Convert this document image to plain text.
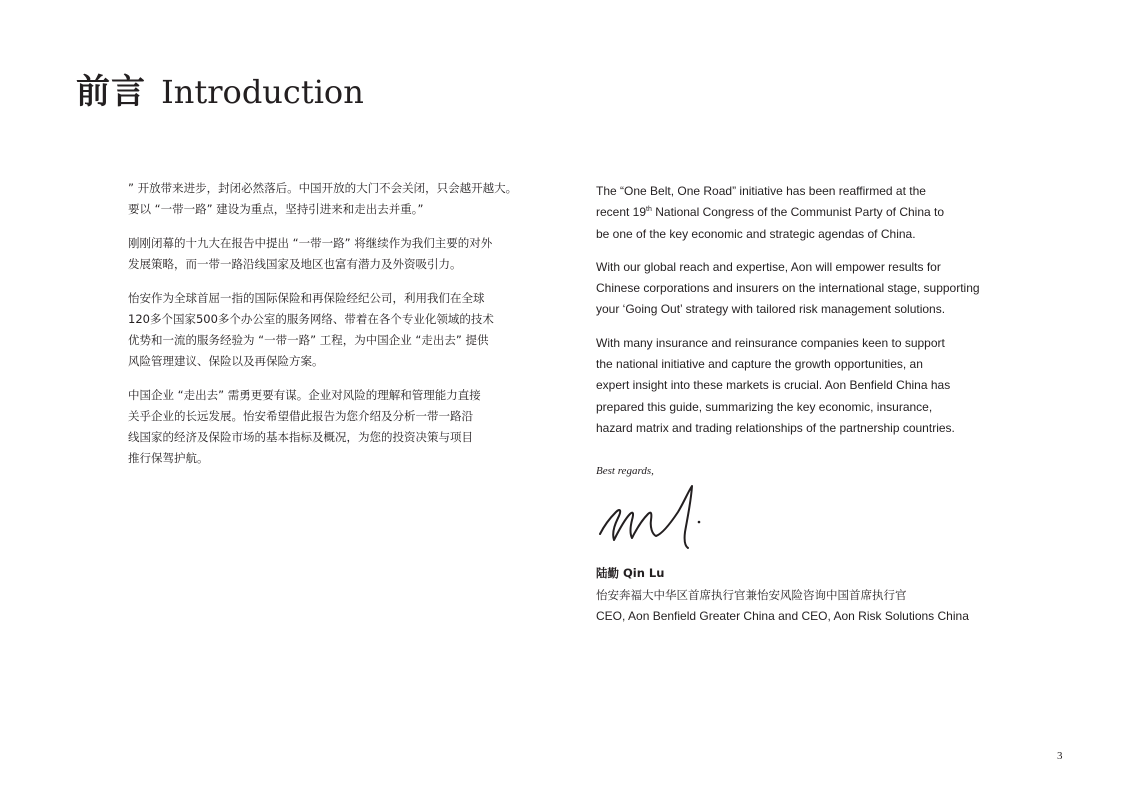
前言 Introduction

” 开放带来进步，封闭必然落后。中国开放的大门不会关闭，只会越开越大。
要以 “一带一路” 建设为重点，坚持引进来和走出去并重。”

刚刚闭幕的十九大在报告中提出 “一带一路” 将继续作为我们主要的对外
发展策略，而一带一路沿线国家及地区也富有潜力及外资吸引力。

怡安作为全球首屈一指的国际保险和再保险经纪公司，利用我们在全球
120多个国家500多个办公室的服务网络、带着在各个专业化领域的技术
优势和一流的服务经验为 “一带一路” 工程，为中国企业 “走出去” 提供
风险管理建议、保险以及再保险方案。

中国企业 “走出去” 需勇更要有谋。企业对风险的理解和管理能力直接
关乎企业的长远发展。怡安希望借此报告为您介绍及分析一带一路沿
线国家的经济及保险市场的基本指标及概况，为您的投资决策与项目
推行保驾护航。

The “One Belt, One Road” initiative has been reaffirmed at the
recent 19th National Congress of the Communist Party of China to
be one of the key economic and strategic agendas of China.

With our global reach and expertise, Aon will empower results for
Chinese corporations and insurers on the international stage, supporting
your ‘Going Out’ strategy with tailored risk management solutions.

With many insurance and reinsurance companies keen to support
the national initiative and capture the growth opportunities, an
expert insight into these markets is crucial. Aon Benfield China has
prepared this guide, summarizing the key economic, insurance,
hazard matrix and trading relationships of the partnership countries.

Best regards,
陆勤 Qin Lu
怡安奔福大中华区首席执行官兼怡安风险咨询中国首席执行官
CEO, Aon Benfield Greater China and CEO, Aon Risk Solutions China
3
